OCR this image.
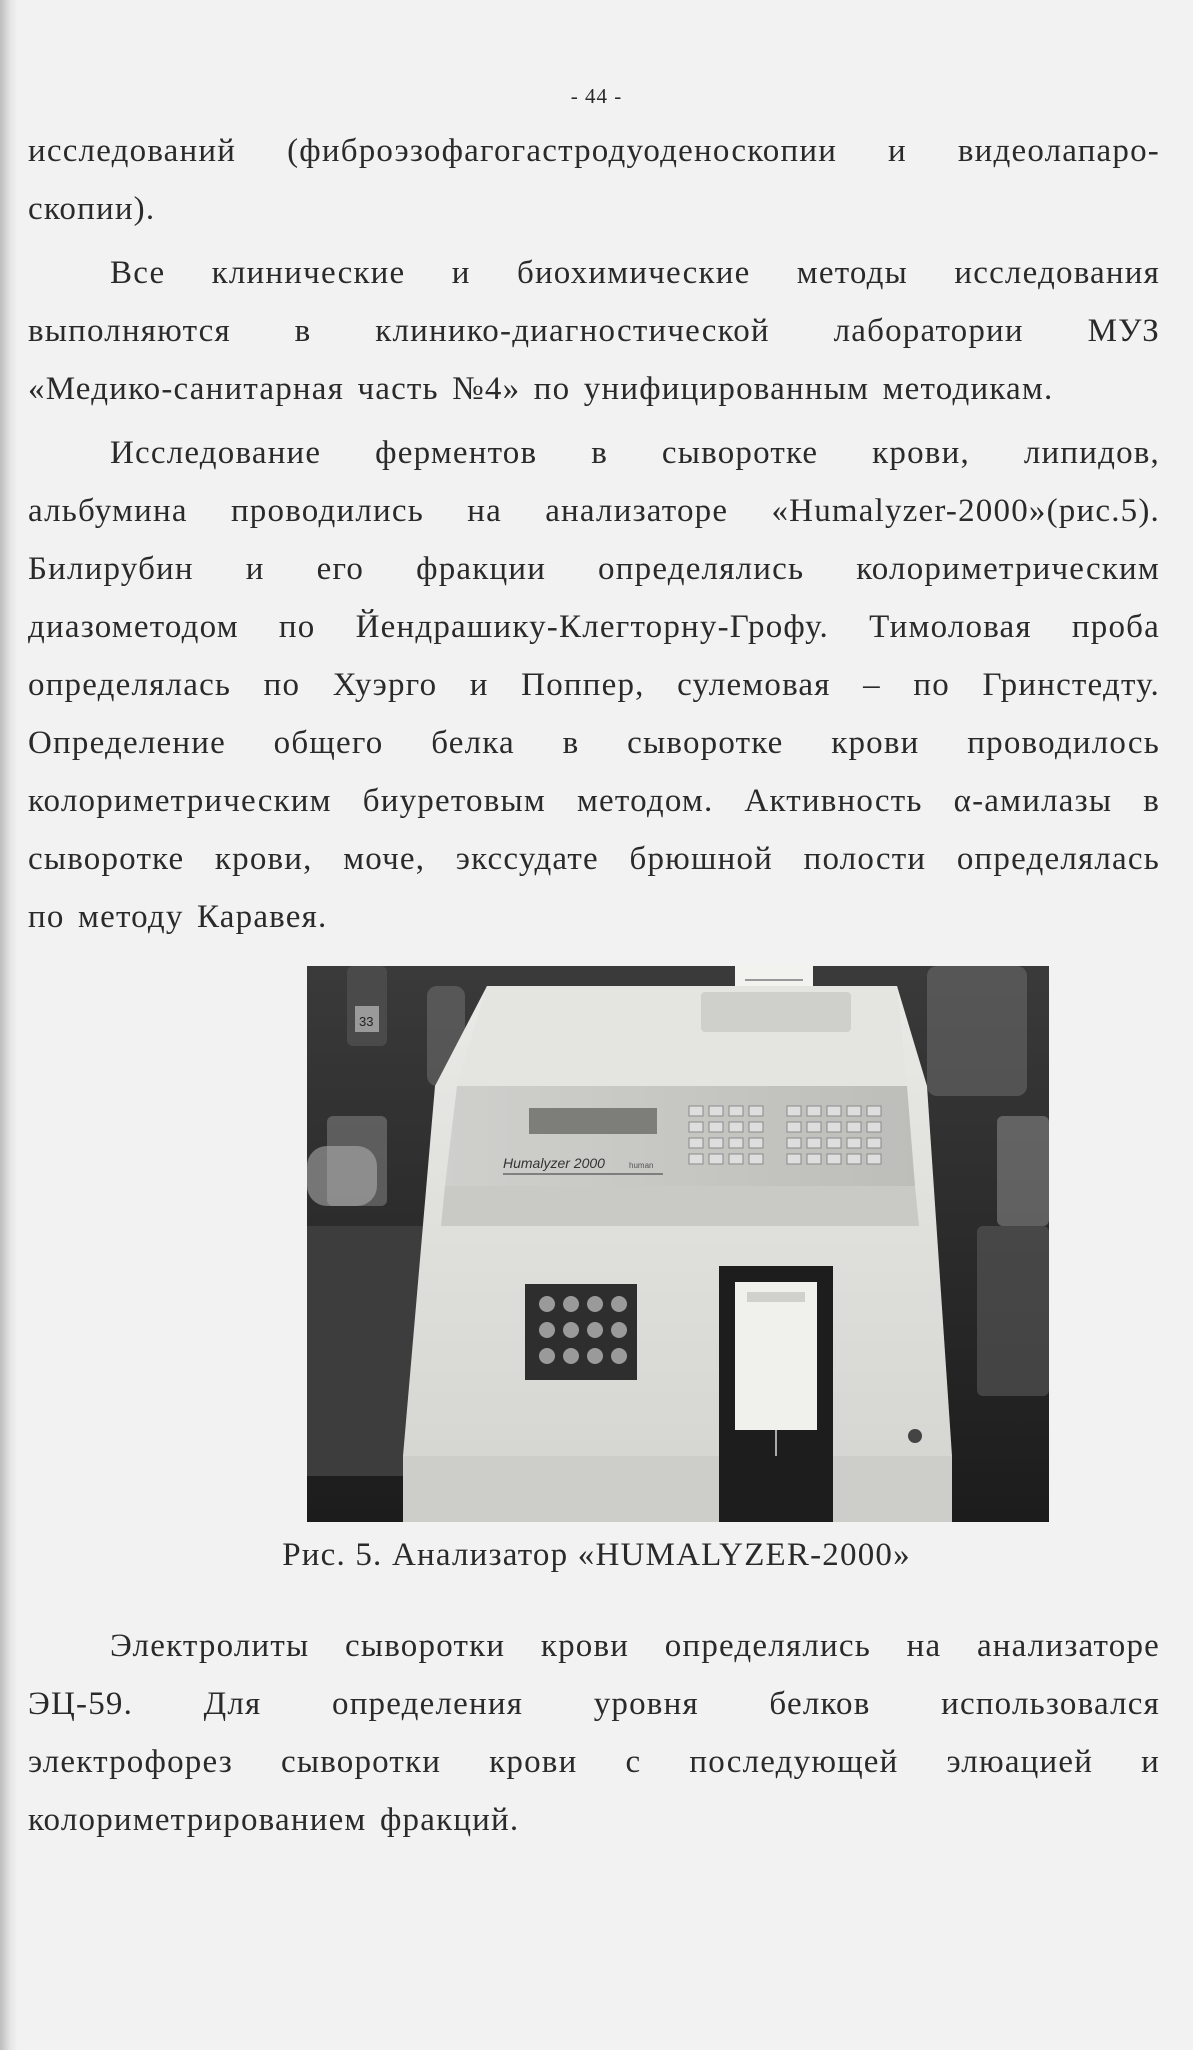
- 44 -
исследований (фиброэзофагогастродуоденоскопии и видеолапаро-
скопии).
Все клинические и биохимические методы исследования
выполняются в клинико-диагностической лаборатории МУЗ
«Медико-санитарная часть №4» по унифицированным методикам.
Исследование ферментов в сыворотке крови, липидов,
альбумина проводились на анализаторе «Humalyzer-2000»(рис.5).
Билирубин и его фракции определялись колориметрическим
диазометодом по Йендрашику-Клегторну-Грофу. Тимоловая проба
определялась по Хуэрго и Поппер, сулемовая – по Гринстедту.
Определение общего белка в сыворотке крови проводилось
колориметрическим биуретовым методом. Активность α-амилазы в
сыворотке крови, моче, экссудате брюшной полости определялась
по методу Каравея.
33
Humalyzer 2000	human
Рис. 5. Анализатор «HUMALYZER-2000»
Электролиты сыворотки крови определялись на анализаторе
ЭЦ-59. Для определения уровня белков использовался
электрофорез сыворотки крови с последующей элюацией и
колориметрированием фракций.
